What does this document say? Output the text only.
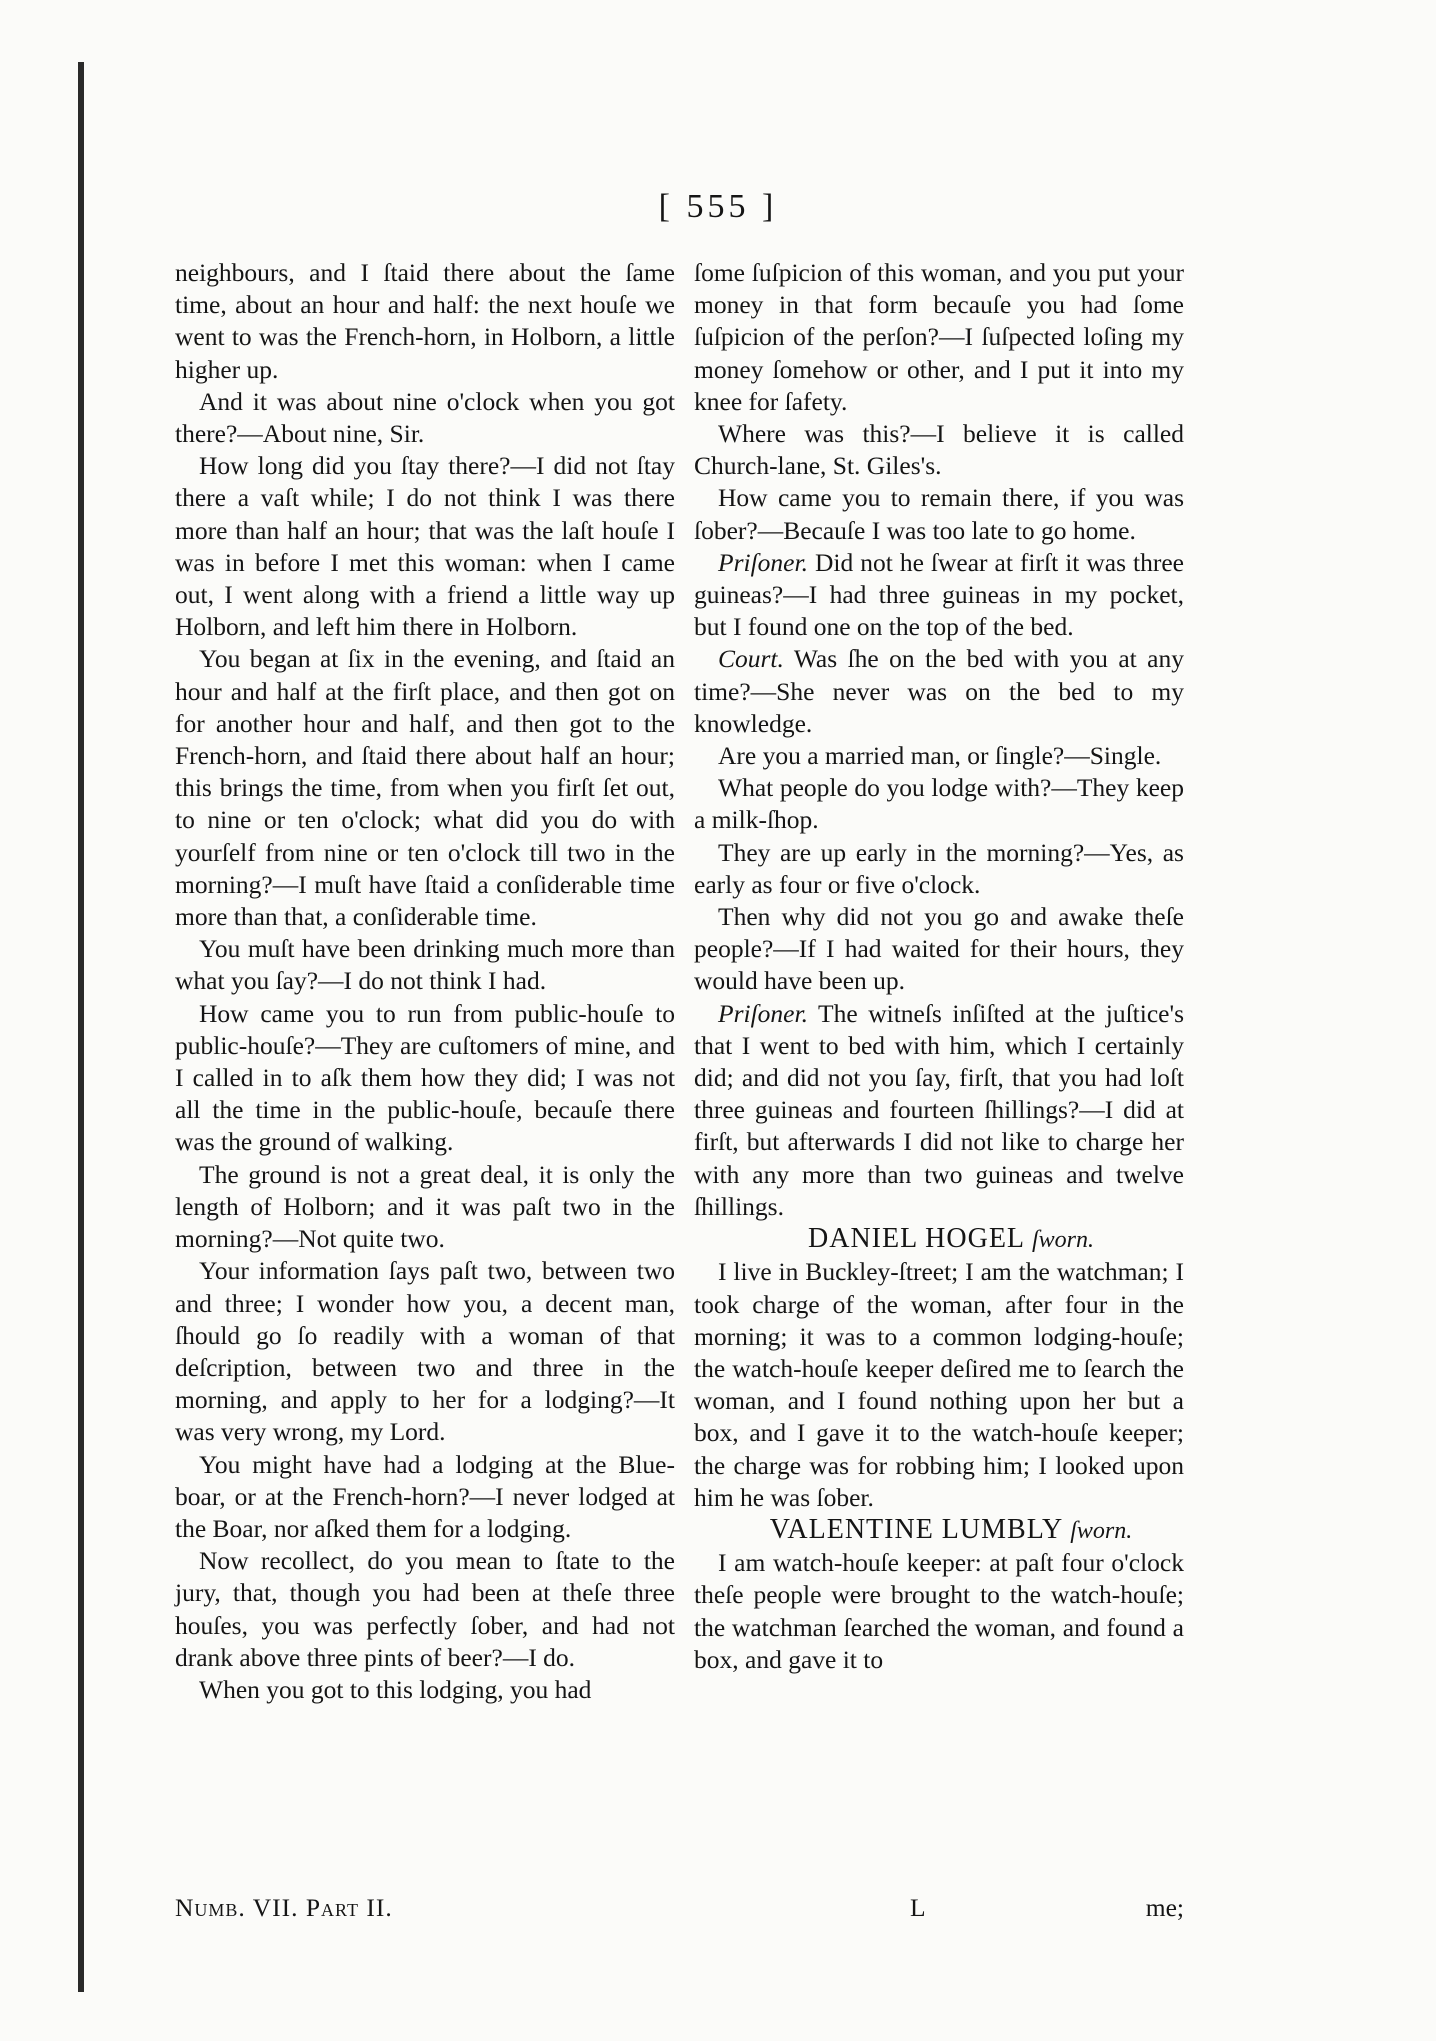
[ 555 ]

neighbours, and I ſtaid there about the ſame time, about an hour and half: the next houſe we went to was the French-horn, in Holborn, a little higher up.

And it was about nine o'clock when you got there?—About nine, Sir.

How long did you ſtay there?—I did not ſtay there a vaſt while; I do not think I was there more than half an hour; that was the laſt houſe I was in before I met this woman: when I came out, I went along with a friend a little way up Holborn, and left him there in Holborn.

You began at ſix in the evening, and ſtaid an hour and half at the firſt place, and then got on for another hour and half, and then got to the French-horn, and ſtaid there about half an hour; this brings the time, from when you firſt ſet out, to nine or ten o'clock; what did you do with yourſelf from nine or ten o'clock till two in the morning?—I muſt have ſtaid a conſiderable time more than that, a conſiderable time.

You muſt have been drinking much more than what you ſay?—I do not think I had.

How came you to run from public-houſe to public-houſe?—They are cuſtomers of mine, and I called in to aſk them how they did; I was not all the time in the public-houſe, becauſe there was the ground of walking.

The ground is not a great deal, it is only the length of Holborn; and it was paſt two in the morning?—Not quite two.

Your information ſays paſt two, between two and three; I wonder how you, a decent man, ſhould go ſo readily with a woman of that deſcription, between two and three in the morning, and apply to her for a lodging?—It was very wrong, my Lord.

You might have had a lodging at the Blue-boar, or at the French-horn?—I never lodged at the Boar, nor aſked them for a lodging.

Now recollect, do you mean to ſtate to the jury, that, though you had been at theſe three houſes, you was perfectly ſober, and had not drank above three pints of beer?—I do.

When you got to this lodging, you had

ſome ſuſpicion of this woman, and you put your money in that form becauſe you had ſome ſuſpicion of the perſon?—I ſuſpected loſing my money ſomehow or other, and I put it into my knee for ſafety.

Where was this?—I believe it is called Church-lane, St. Giles's.

How came you to remain there, if you was ſober?—Becauſe I was too late to go home.

Priſoner. Did not he ſwear at firſt it was three guineas?—I had three guineas in my pocket, but I found one on the top of the bed.

Court. Was ſhe on the bed with you at any time?—She never was on the bed to my knowledge.

Are you a married man, or ſingle?—Single.

What people do you lodge with?—They keep a milk-ſhop.

They are up early in the morning?—Yes, as early as four or five o'clock.

Then why did not you go and awake theſe people?—If I had waited for their hours, they would have been up.

Priſoner. The witneſs inſiſted at the juſtice's that I went to bed with him, which I certainly did; and did not you ſay, firſt, that you had loſt three guineas and fourteen ſhillings?—I did at firſt, but afterwards I did not like to charge her with any more than two guineas and twelve ſhillings.

DANIEL HOGEL ſworn.

I live in Buckley-ſtreet; I am the watchman; I took charge of the woman, after four in the morning; it was to a common lodging-houſe; the watch-houſe keeper deſired me to ſearch the woman, and I found nothing upon her but a box, and I gave it to the watch-houſe keeper; the charge was for robbing him; I looked upon him he was ſober.

VALENTINE LUMBLY ſworn.

I am watch-houſe keeper: at paſt four o'clock theſe people were brought to the watch-houſe; the watchman ſearched the woman, and found a box, and gave it to

Numb. VII. Part II.	L	me;
